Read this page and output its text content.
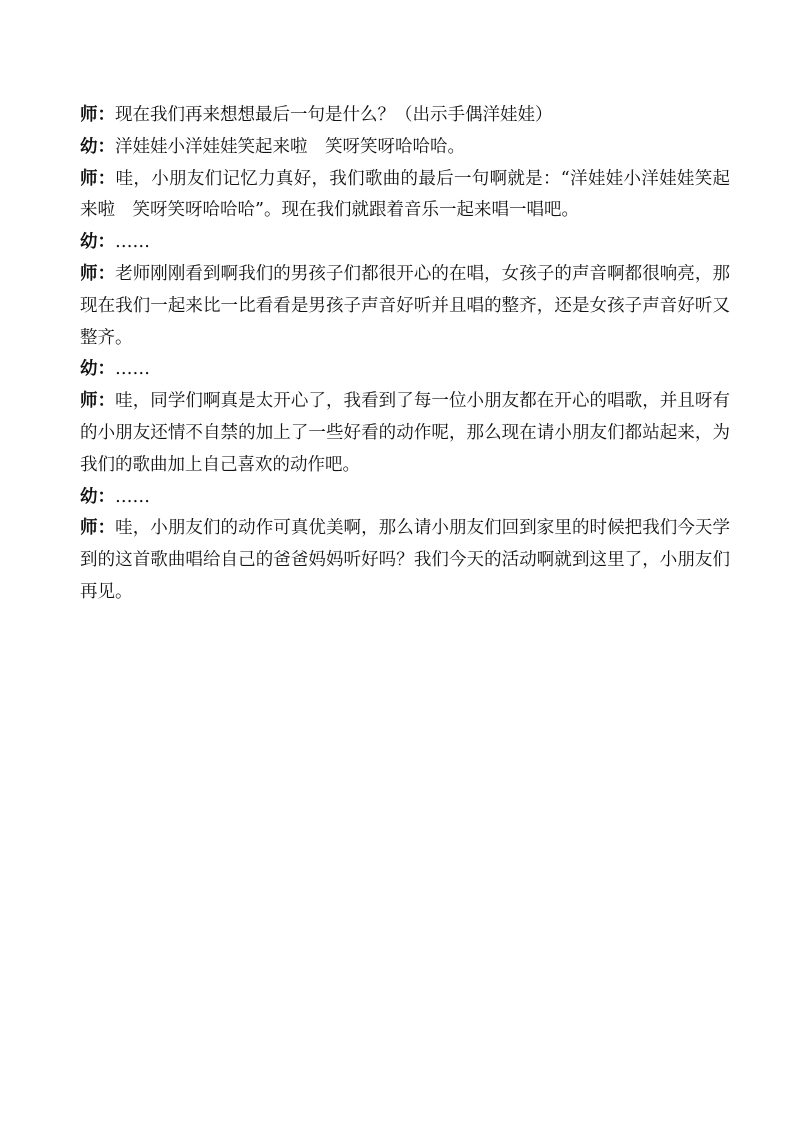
师：现在我们再来想想最后一句是什么？（出示手偶洋娃娃）

幼：洋娃娃小洋娃娃笑起来啦　笑呀笑呀哈哈哈。

师：哇，小朋友们记忆力真好，我们歌曲的最后一句啊就是：“洋娃娃小洋娃娃笑起来啦　笑呀笑呀哈哈哈”。现在我们就跟着音乐一起来唱一唱吧。

幼：……

师：老师刚刚看到啊我们的男孩子们都很开心的在唱，女孩子的声音啊都很响亮，那现在我们一起来比一比看看是男孩子声音好听并且唱的整齐，还是女孩子声音好听又整齐。

幼：……

师：哇，同学们啊真是太开心了，我看到了每一位小朋友都在开心的唱歌，并且呀有的小朋友还情不自禁的加上了一些好看的动作呢，那么现在请小朋友们都站起来，为我们的歌曲加上自己喜欢的动作吧。

幼：……

师：哇，小朋友们的动作可真优美啊，那么请小朋友们回到家里的时候把我们今天学到的这首歌曲唱给自己的爸爸妈妈听好吗？我们今天的活动啊就到这里了，小朋友们再见。
